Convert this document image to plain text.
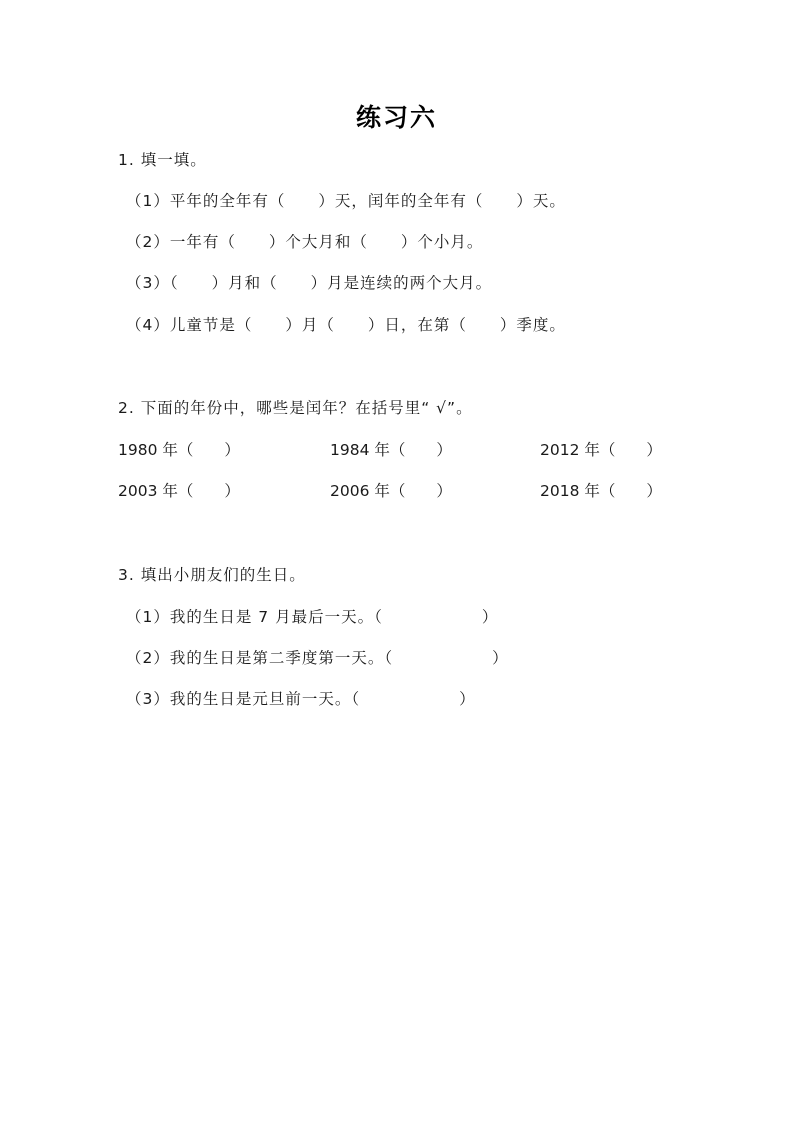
练习六
1. 填一填。
（1）平年的全年有（　　）天，闰年的全年有（　　）天。
（2）一年有（　　）个大月和（　　）个小月。
（3）（　　）月和（　　）月是连续的两个大月。
（4）儿童节是（　　）月（　　）日，在第（　　）季度。
2. 下面的年份中，哪些是闰年？在括号里“ √”。
1980 年（　　）	1984 年（　　）	2012 年（　　）
2003 年（　　）	2006 年（　　）	2018 年（　　）
3. 填出小朋友们的生日。
（1）我的生日是 7 月最后一天。（　　　　　　）
（2）我的生日是第二季度第一天。（　　　　　　）
（3）我的生日是元旦前一天。（　　　　　　）
